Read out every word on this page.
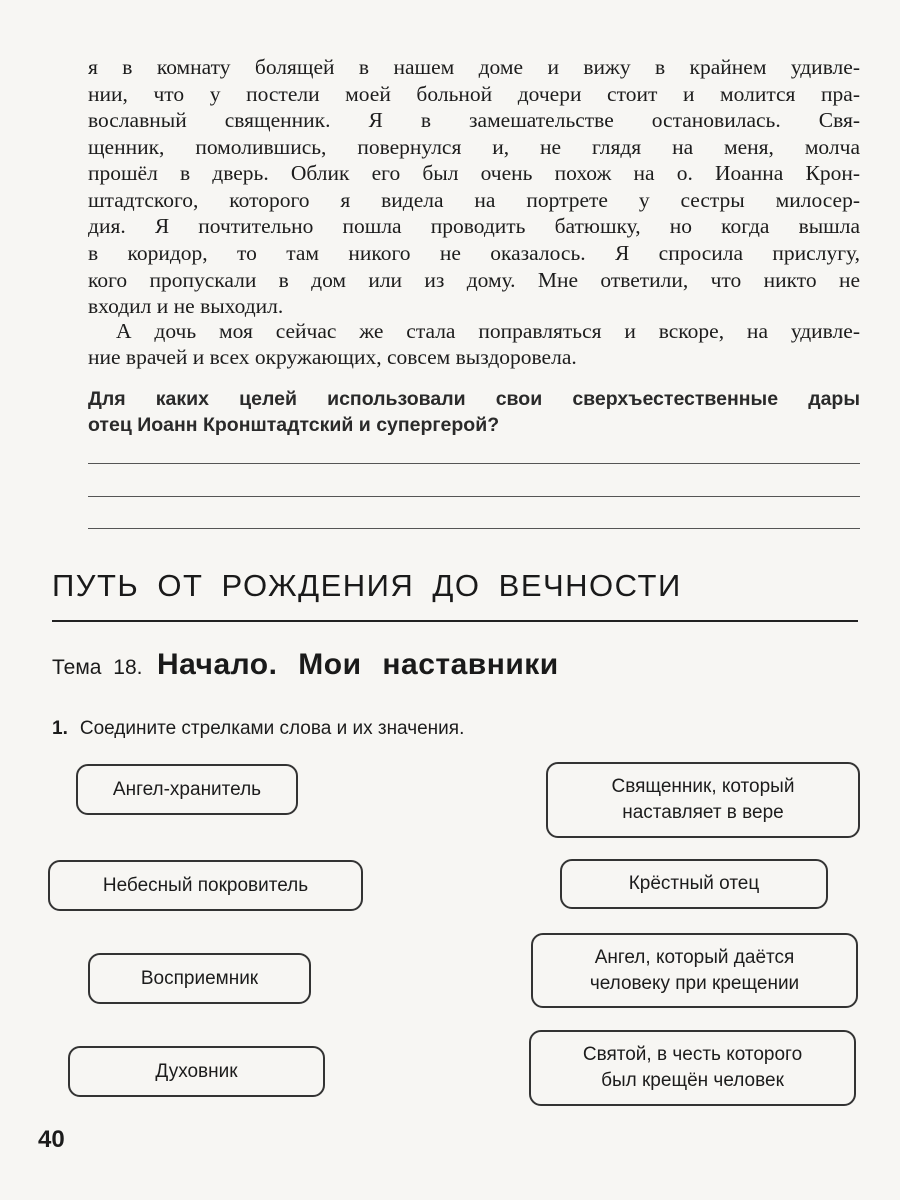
я в комнату болящей в нашем доме и вижу в крайнем удивле-
нии, что у постели моей больной дочери стоит и молится пра-
вославный священник. Я в замешательстве остановилась. Свя-
щенник, помолившись, повернулся и, не глядя на меня, молча
прошёл в дверь. Облик его был очень похож на о. Иоанна Крон-
штадтского, которого я видела на портрете у сестры милосер-
дия. Я почтительно пошла проводить батюшку, но когда вышла
в коридор, то там никого не оказалось. Я спросила прислугу,
кого пропускали в дом или из дому. Мне ответили, что никто не
входил и не выходил.
А дочь моя сейчас же стала поправляться и вскоре, на удивле-
ние врачей и всех окружающих, совсем выздоровела.
Для каких целей использовали свои сверхъестественные дары
отец Иоанн Кронштадтский и супергерой?
ПУТЬ ОТ РОЖДЕНИЯ ДО ВЕЧНОСТИ
Тема 18. Начало. Мои наставники
1. Соедините стрелками слова и их значения.
Ангел-хранитель
Небесный покровитель
Восприемник
Духовник
Священник, который
наставляет в вере
Крёстный отец
Ангел, который даётся
человеку при крещении
Святой, в честь которого
был крещён человек
40
